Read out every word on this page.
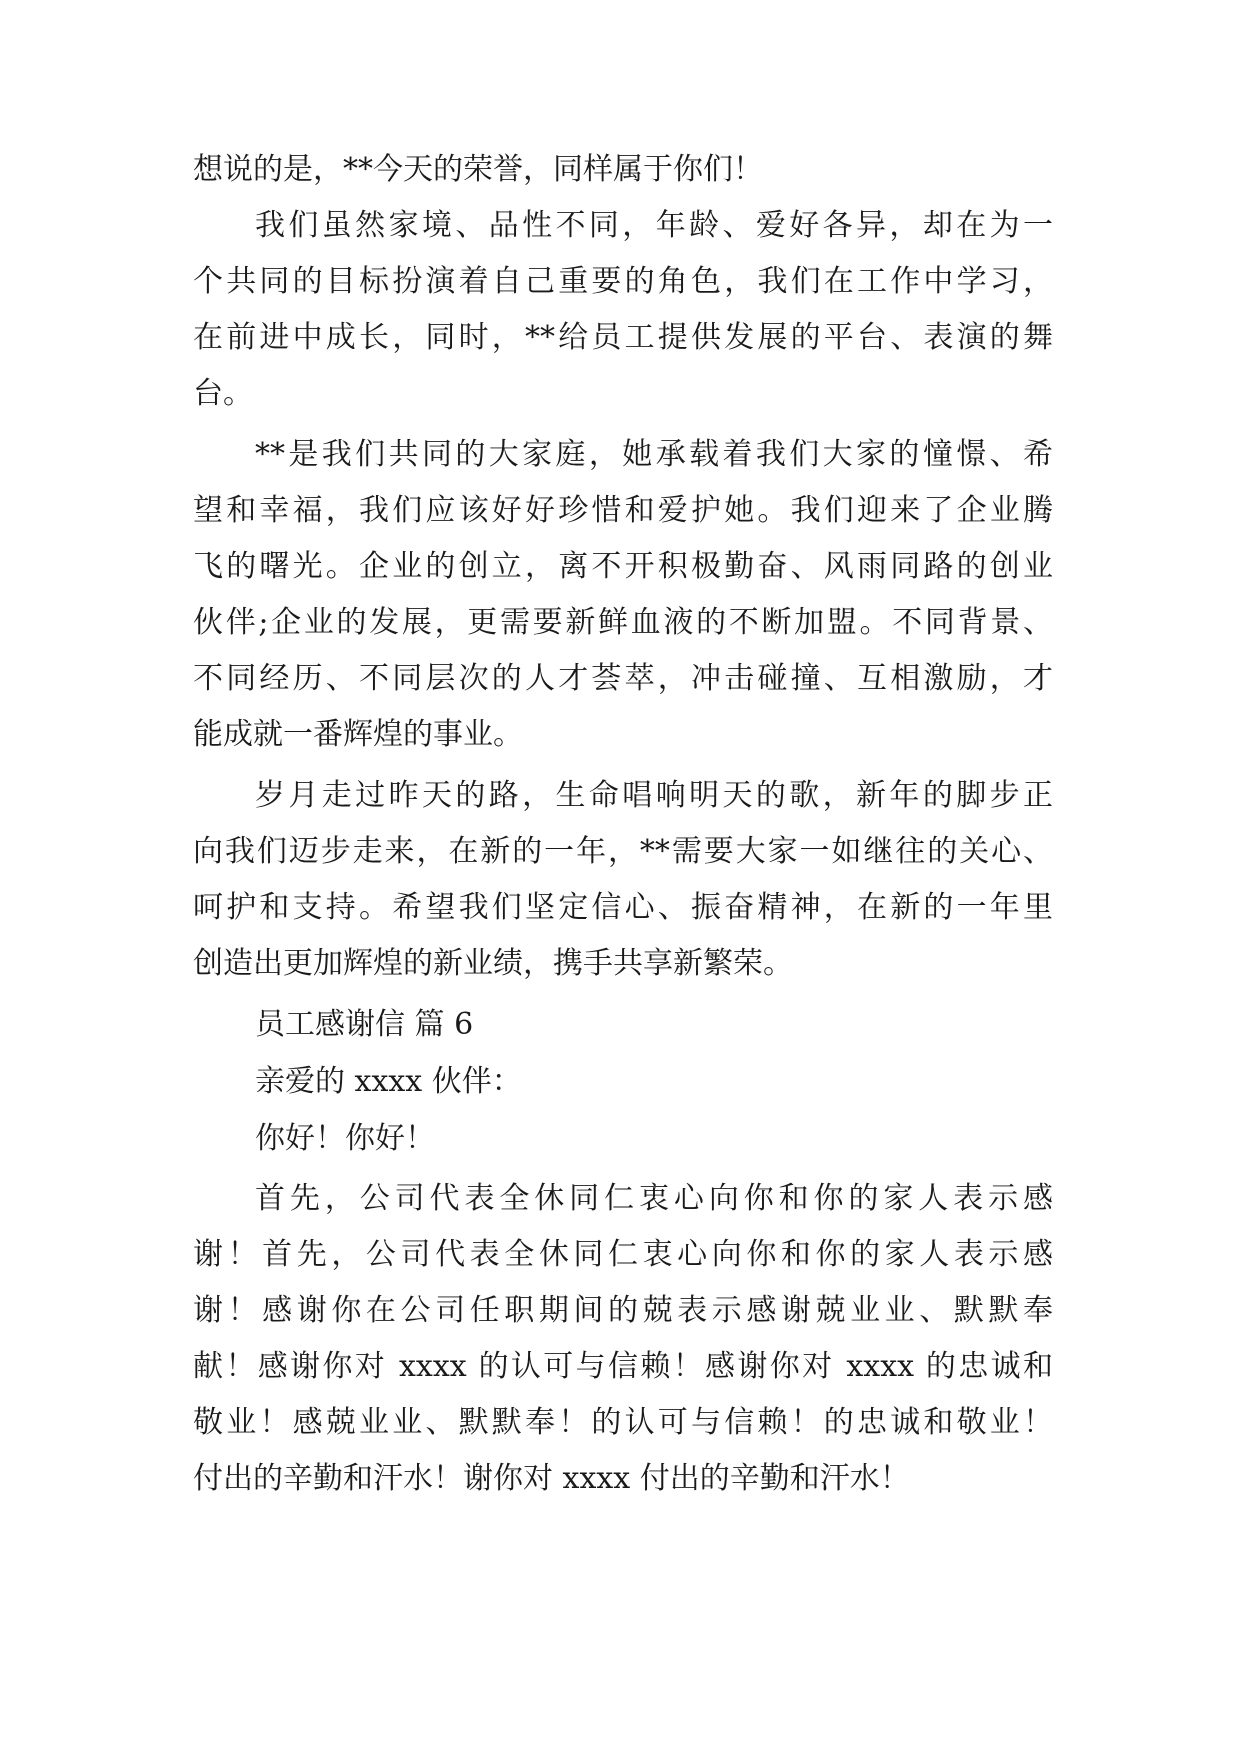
想说的是，**今天的荣誉，同样属于你们！
我们虽然家境、品性不同，年龄、爱好各异，却在为一
个共同的目标扮演着自己重要的角色，我们在工作中学习，
在前进中成长，同时，**给员工提供发展的平台、表演的舞
台。
**是我们共同的大家庭，她承载着我们大家的憧憬、希
望和幸福，我们应该好好珍惜和爱护她。我们迎来了企业腾
飞的曙光。企业的创立，离不开积极勤奋、风雨同路的创业
伙伴;企业的发展，更需要新鲜血液的不断加盟。不同背景、
不同经历、不同层次的人才荟萃，冲击碰撞、互相激励，才
能成就一番辉煌的事业。
岁月走过昨天的路，生命唱响明天的歌，新年的脚步正
向我们迈步走来，在新的一年，**需要大家一如继往的关心、
呵护和支持。希望我们坚定信心、振奋精神，在新的一年里
创造出更加辉煌的新业绩，携手共享新繁荣。
员工感谢信 篇 6
亲爱的 xxxx 伙伴：
你好！你好！
首先，公司代表全休同仁衷心向你和你的家人表示感
谢！首先，公司代表全休同仁衷心向你和你的家人表示感
谢！感谢你在公司任职期间的兢表示感谢兢业业、默默奉
献！感谢你对 xxxx 的认可与信赖！感谢你对 xxxx 的忠诚和
敬业！感兢业业、默默奉！的认可与信赖！的忠诚和敬业！
付出的辛勤和汗水！谢你对 xxxx 付出的辛勤和汗水！
